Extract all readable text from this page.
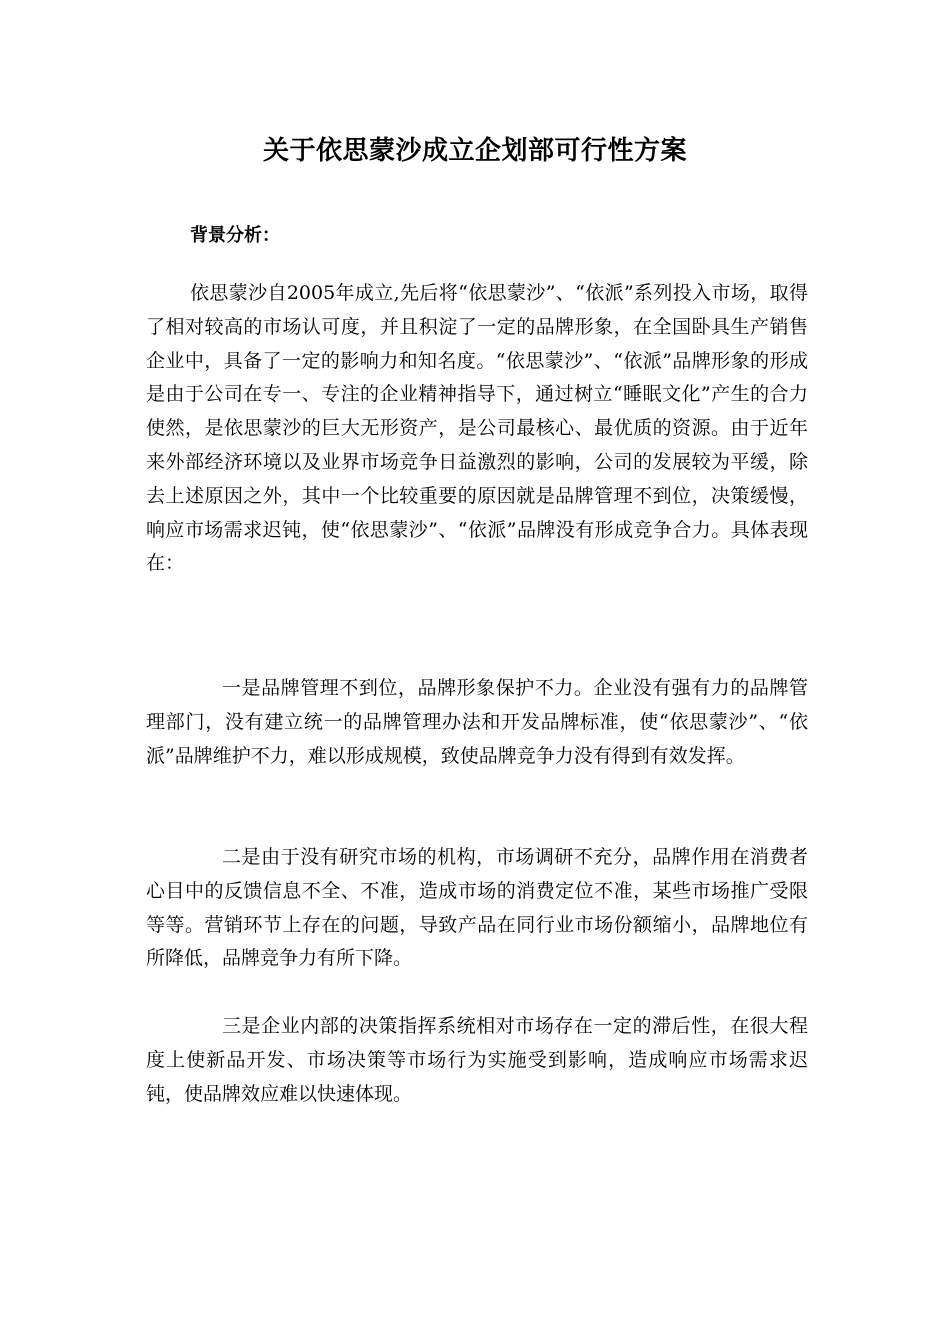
关于依思蒙沙成立企划部可行性方案
背景分析：

依思蒙沙自2005年成立,先后将“依思蒙沙”、“依派”系列投入市场，取得了相对较高的市场认可度，并且积淀了一定的品牌形象，在全国卧具生产销售企业中，具备了一定的影响力和知名度。“依思蒙沙”、“依派”品牌形象的形成是由于公司在专一、专注的企业精神指导下，通过树立“睡眠文化”产生的合力使然，是依思蒙沙的巨大无形资产，是公司最核心、最优质的资源。由于近年来外部经济环境以及业界市场竞争日益激烈的影响，公司的发展较为平缓，除去上述原因之外，其中一个比较重要的原因就是品牌管理不到位，决策缓慢，响应市场需求迟钝，使“依思蒙沙”、“依派”品牌没有形成竞争合力。具体表现在：

一是品牌管理不到位，品牌形象保护不力。企业没有强有力的品牌管理部门，没有建立统一的品牌管理办法和开发品牌标准，使“依思蒙沙”、“依派”品牌维护不力，难以形成规模，致使品牌竞争力没有得到有效发挥。

二是由于没有研究市场的机构，市场调研不充分，品牌作用在消费者心目中的反馈信息不全、不准，造成市场的消费定位不准，某些市场推广受限等等。营销环节上存在的问题，导致产品在同行业市场份额缩小，品牌地位有所降低，品牌竞争力有所下降。

三是企业内部的决策指挥系统相对市场存在一定的滞后性，在很大程度上使新品开发、市场决策等市场行为实施受到影响，造成响应市场需求迟钝，使品牌效应难以快速体现。
